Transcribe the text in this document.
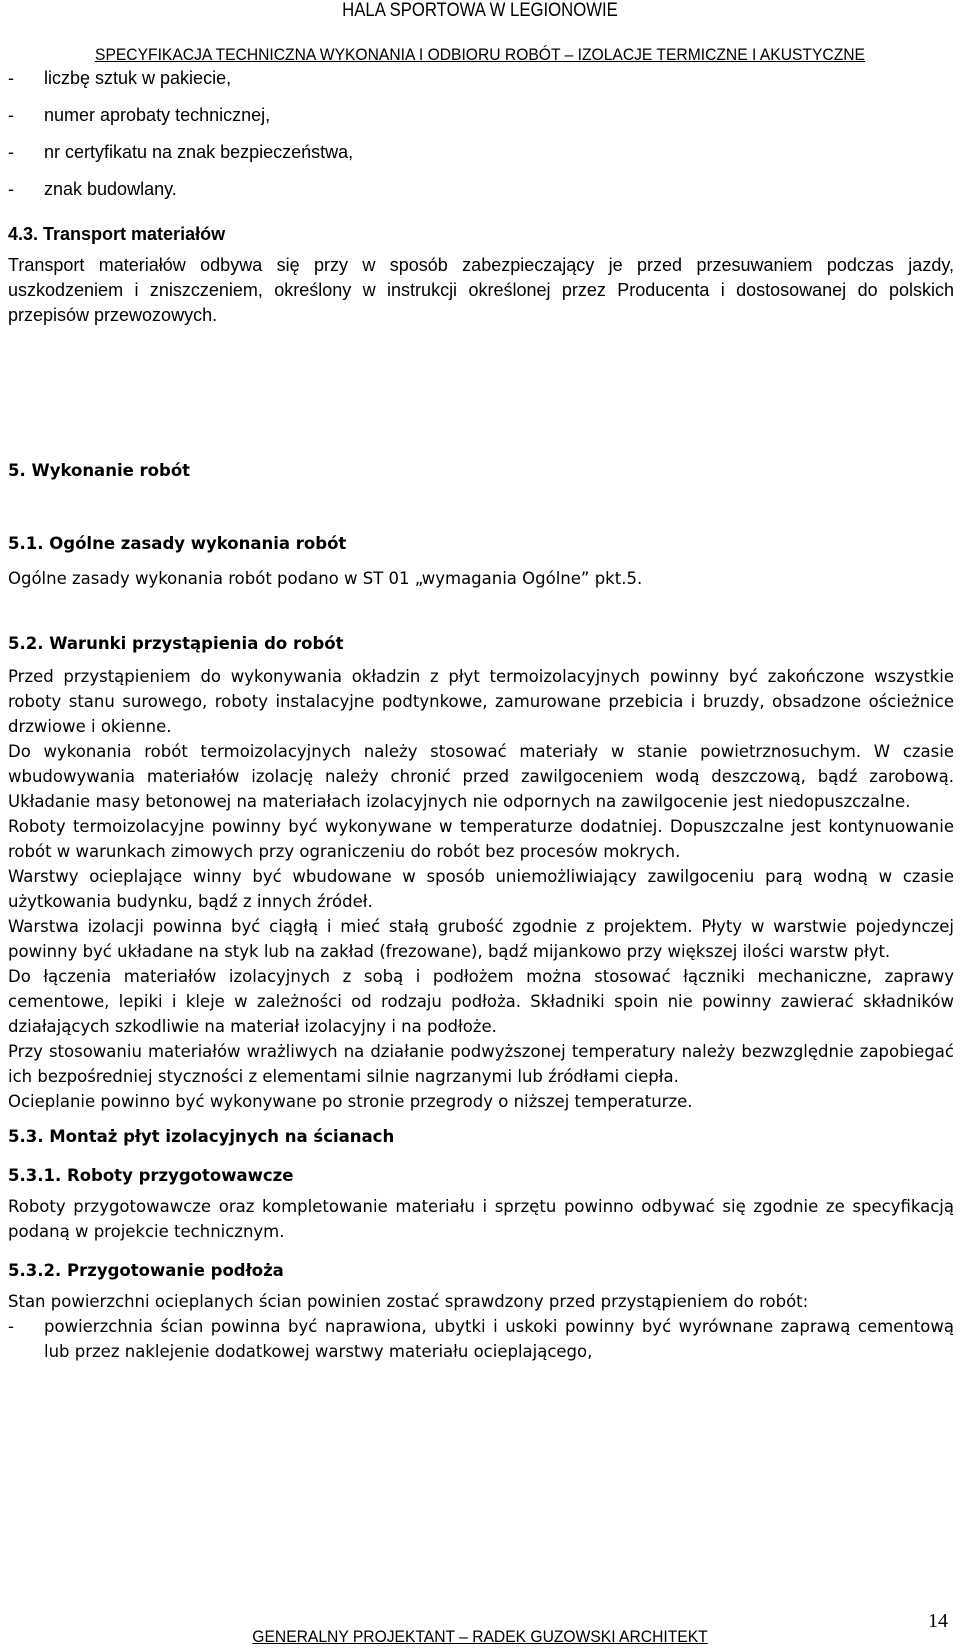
HALA SPORTOWA W LEGIONOWIE
SPECYFIKACJA TECHNICZNA WYKONANIA I ODBIORU ROBÓT – IZOLACJE TERMICZNE I AKUSTYCZNE
-	liczbę sztuk w pakiecie,
-	numer aprobaty technicznej,
-	nr certyfikatu na znak bezpieczeństwa,
-	znak budowlany.

4.3. Transport materiałów

Transport materiałów odbywa się przy w sposób zabezpieczający je przed przesuwaniem podczas jazdy, uszkodzeniem i zniszczeniem, określony w instrukcji określonej przez Producenta i dostosowanej do polskich przepisów przewozowych.

5. Wykonanie robót

5.1. Ogólne zasady wykonania robót

Ogólne zasady wykonania robót podano w ST 01 „wymagania Ogólne” pkt.5.

5.2. Warunki przystąpienia do robót

Przed przystąpieniem do wykonywania okładzin z płyt termoizolacyjnych powinny być zakończone wszystkie roboty stanu surowego, roboty instalacyjne podtynkowe, zamurowane przebicia i bruzdy, obsadzone ościeżnice drzwiowe i okienne.

Do wykonania robót termoizolacyjnych należy stosować materiały w stanie powietrznosuchym. W czasie wbudowywania materiałów izolację należy chronić przed zawilgoceniem wodą deszczową, bądź zarobową. Układanie masy betonowej na materiałach izolacyjnych nie odpornych na zawilgocenie jest niedopuszczalne.

Roboty termoizolacyjne powinny być wykonywane w temperaturze dodatniej. Dopuszczalne jest kontynuowanie robót w warunkach zimowych przy ograniczeniu do robót bez procesów mokrych.

Warstwy ocieplające winny być wbudowane w sposób uniemożliwiający zawilgoceniu parą wodną w czasie użytkowania budynku, bądź z innych źródeł.

Warstwa izolacji powinna być ciągłą i mieć stałą grubość zgodnie z projektem. Płyty w warstwie pojedynczej powinny być układane na styk lub na zakład (frezowane), bądź mijankowo przy większej ilości warstw płyt.

Do łączenia materiałów izolacyjnych z sobą i podłożem można stosować łączniki mechaniczne, zaprawy cementowe, lepiki i kleje w zależności od rodzaju podłoża. Składniki spoin nie powinny zawierać składników działających szkodliwie na materiał izolacyjny i na podłoże.

Przy stosowaniu materiałów wrażliwych na działanie podwyższonej temperatury należy bezwzględnie zapobiegać ich bezpośredniej styczności z elementami silnie nagrzanymi lub źródłami ciepła.

Ocieplanie powinno być wykonywane po stronie przegrody o niższej temperaturze.

5.3. Montaż płyt izolacyjnych na ścianach

5.3.1. Roboty przygotowawcze

Roboty przygotowawcze oraz kompletowanie materiału i sprzętu powinno odbywać się zgodnie ze specyfikacją podaną w projekcie technicznym.

5.3.2. Przygotowanie podłoża

Stan powierzchni ocieplanych ścian powinien zostać sprawdzony przed przystąpieniem do robót:

-	powierzchnia ścian powinna być naprawiona, ubytki i uskoki powinny być wyrównane zaprawą cementową lub przez naklejenie dodatkowej warstwy materiału ocieplającego,
14
GENERALNY PROJEKTANT – RADEK GUZOWSKI ARCHITEKT
